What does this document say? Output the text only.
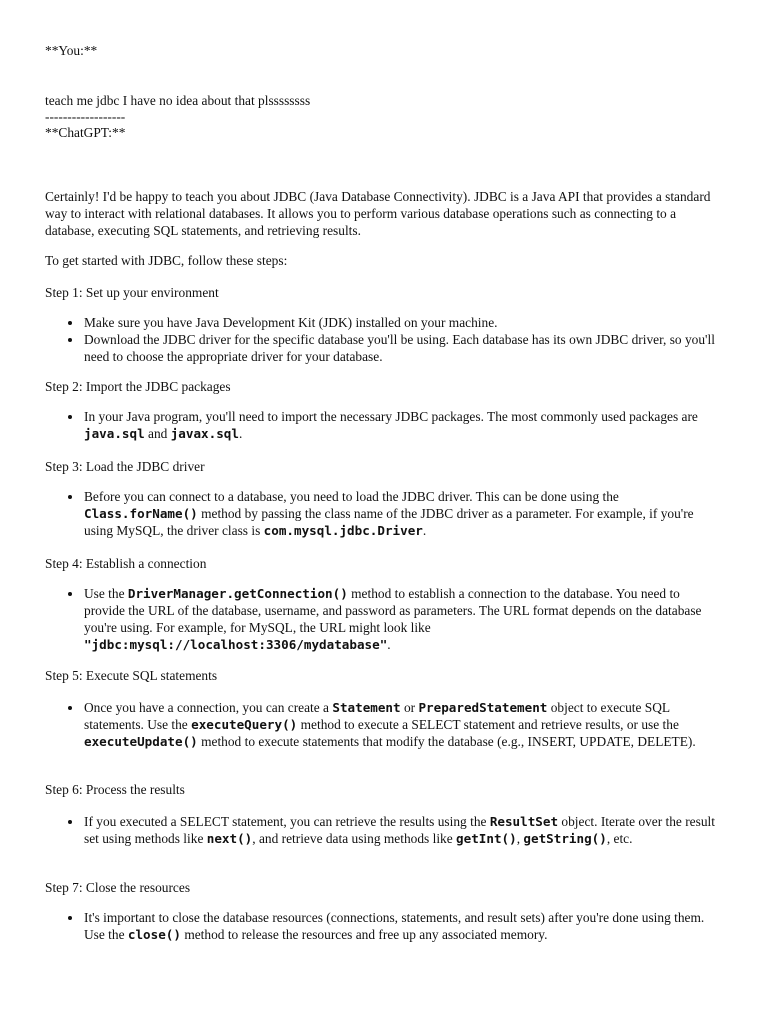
**You:**
teach me jdbc I have no idea about that plssssssss
------------------
**ChatGPT:**
Certainly! I'd be happy to teach you about JDBC (Java Database Connectivity). JDBC is a Java API that provides a standard way to interact with relational databases. It allows you to perform various database operations such as connecting to a database, executing SQL statements, and retrieving results.
To get started with JDBC, follow these steps:
Step 1: Set up your environment
Make sure you have Java Development Kit (JDK) installed on your machine.
Download the JDBC driver for the specific database you'll be using. Each database has its own JDBC driver, so you'll need to choose the appropriate driver for your database.
Step 2: Import the JDBC packages
In your Java program, you'll need to import the necessary JDBC packages. The most commonly used packages are java.sql and javax.sql.
Step 3: Load the JDBC driver
Before you can connect to a database, you need to load the JDBC driver. This can be done using the Class.forName() method by passing the class name of the JDBC driver as a parameter. For example, if you're using MySQL, the driver class is com.mysql.jdbc.Driver.
Step 4: Establish a connection
Use the DriverManager.getConnection() method to establish a connection to the database. You need to provide the URL of the database, username, and password as parameters. The URL format depends on the database you're using. For example, for MySQL, the URL might look like "jdbc:mysql://localhost:3306/mydatabase".
Step 5: Execute SQL statements
Once you have a connection, you can create a Statement or PreparedStatement object to execute SQL statements. Use the executeQuery() method to execute a SELECT statement and retrieve results, or use the executeUpdate() method to execute statements that modify the database (e.g., INSERT, UPDATE, DELETE).
Step 6: Process the results
If you executed a SELECT statement, you can retrieve the results using the ResultSet object. Iterate over the result set using methods like next(), and retrieve data using methods like getInt(), getString(), etc.
Step 7: Close the resources
It's important to close the database resources (connections, statements, and result sets) after you're done using them. Use the close() method to release the resources and free up any associated memory.
